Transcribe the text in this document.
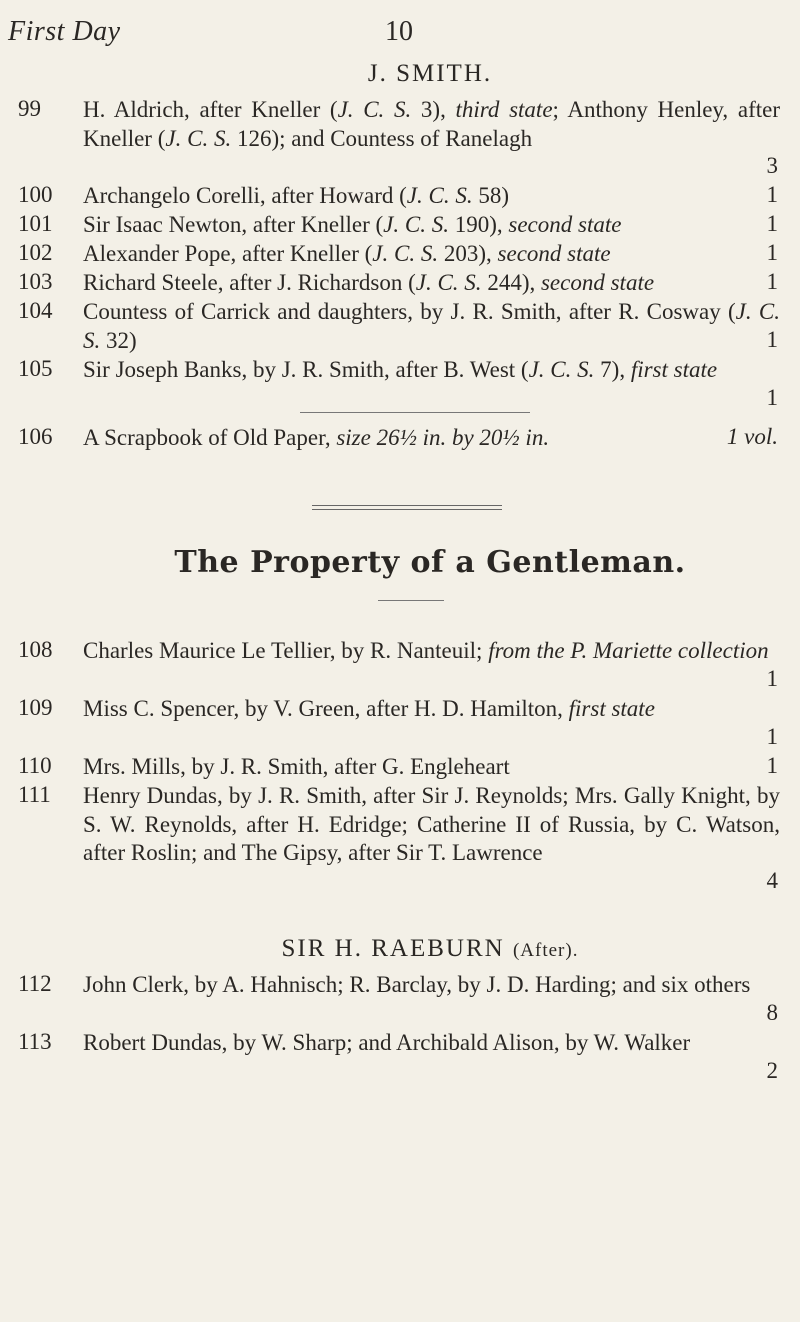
First Day	10
J. SMITH.
99	H. Aldrich, after Kneller (J. C. S. 3), third state; Anthony Henley, after Kneller (J. C. S. 126); and Countess of Ranelagh
3
100	Archangelo Corelli, after Howard (J. C. S. 58)	1
101	Sir Isaac Newton, after Kneller (J. C. S. 190), second state	1
102	Alexander Pope, after Kneller (J. C. S. 203), second state	1
103	Richard Steele, after J. Richardson (J. C. S. 244), second state	1
104	Countess of Carrick and daughters, by J. R. Smith, after R. Cosway (J. C. S. 32)	1
105	Sir Joseph Banks, by J. R. Smith, after B. West (J. C. S. 7), first state
1
106	A Scrapbook of Old Paper, size 26½ in. by 20½ in.	1 vol.
The Property of a Gentleman.
108	Charles Maurice Le Tellier, by R. Nanteuil; from the P. Mariette collection
1
109	Miss C. Spencer, by V. Green, after H. D. Hamilton, first state
1
110	Mrs. Mills, by J. R. Smith, after G. Engleheart	1
111	Henry Dundas, by J. R. Smith, after Sir J. Reynolds; Mrs. Gally Knight, by S. W. Reynolds, after H. Edridge; Catherine II of Russia, by C. Watson, after Roslin; and The Gipsy, after Sir T. Lawrence
4
SIR H. RAEBURN (After).
112	John Clerk, by A. Hahnisch; R. Barclay, by J. D. Harding; and six others
8
113	Robert Dundas, by W. Sharp; and Archibald Alison, by W. Walker
2
